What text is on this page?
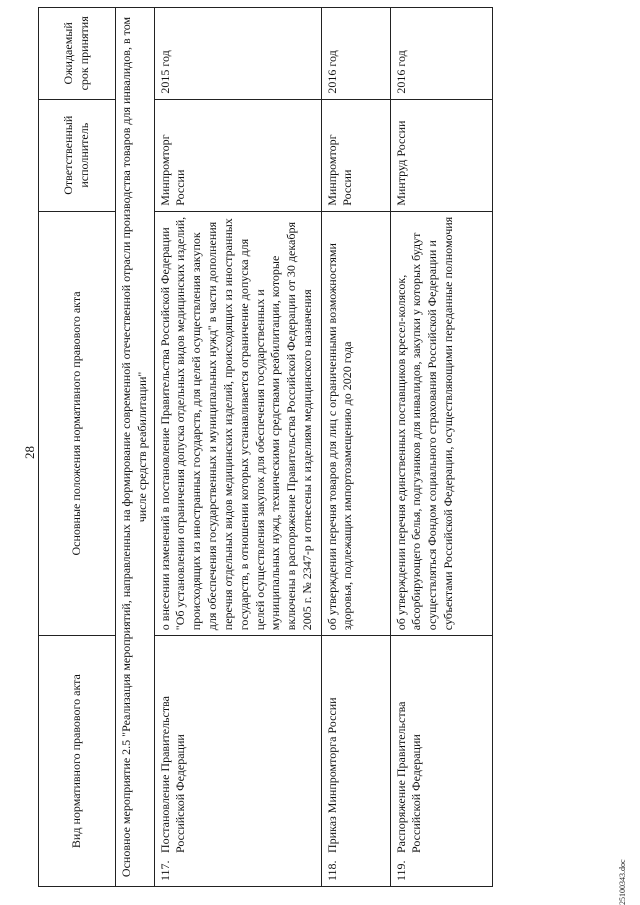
28
Вид нормативного правового акта	Основные положения нормативного правового акта	Ответственный исполнитель	Ожидаемый срок принятия
Основное мероприятие 2.5 "Реализация мероприятий, направленных на формирование современной отечественной отрасли производства товаров для инвалидов, в том числе средств реабилитации"			

117.
Постановление Правительства Российской Федерации	о внесении изменений в постановление Правительства Российской Федерации "Об установлении ограничения допуска отдельных видов медицинских изделий, происходящих из иностранных государств, для целей осуществления закупок для обеспечения государственных и муниципальных нужд" в части дополнения перечня отдельных видов медицинских изделий, происходящих из иностранных государств, в отношении которых устанавливается ограничение допуска для целей осуществления закупок для обеспечения государственных и муниципальных нужд, техническими средствами реабилитации, которые включены в распоряжение Правительства Российской Федерации от 30 декабря 2005 г. № 2347-р и отнесены к изделиям медицинского назначения	Минпромторг России	2015 год

118.
Приказ Минпромторга России	об утверждении перечня товаров для лиц с ограниченными возможностями здоровья, подлежащих импортозамещению до 2020 года	Минпромторг России	2016 год

119.
Распоряжение Правительства Российской Федерации	об утверждении перечня единственных поставщиков кресел-колясок, абсорбирующего белья, подгузников для инвалидов, закупки у которых будут осуществляться Фондом социального страхования Российской Федерации и субъектами Российской Федерации, осуществляющими переданные полномочия	Минтруд России	2016 год
25100343.doc
